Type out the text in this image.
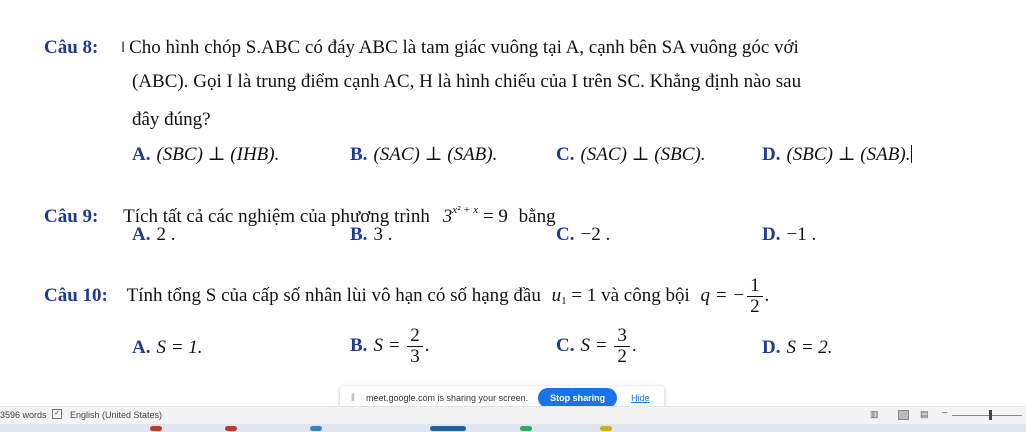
I
Câu 8: Cho hình chóp S.ABC có đáy ABC là tam giác vuông tại A, cạnh bên SA vuông góc với
(ABC). Gọi I là trung điểm cạnh AC, H là hình chiếu của I trên SC. Khẳng định nào sau
đây đúng?
A. (SBC) ⊥ (IHB).	B. (SAC) ⊥ (SAB).	C. (SAC) ⊥ (SBC).	D. (SBC) ⊥ (SAB).
Câu 9: Tích tất cả các nghiệm của phương trình $3^{x^2 + x} = 9$ bằng
A. 2 .	B. 3 .	C. −2 .	D. −1 .
Câu 10: Tính tổng S của cấp số nhân lùi vô hạn có số hạng đầu $u_1 = 1$ và công bội q = − $\frac{1}{2}$ .
A. S = 1.	B. $S = \frac{2}{3}$ .	C. $S = \frac{3}{2}$ .	D. S = 2.
‖	meet.google.com is sharing your screen.	Stop sharing	Hide
3596 words ✓ English (United States)	▥	▤ −
